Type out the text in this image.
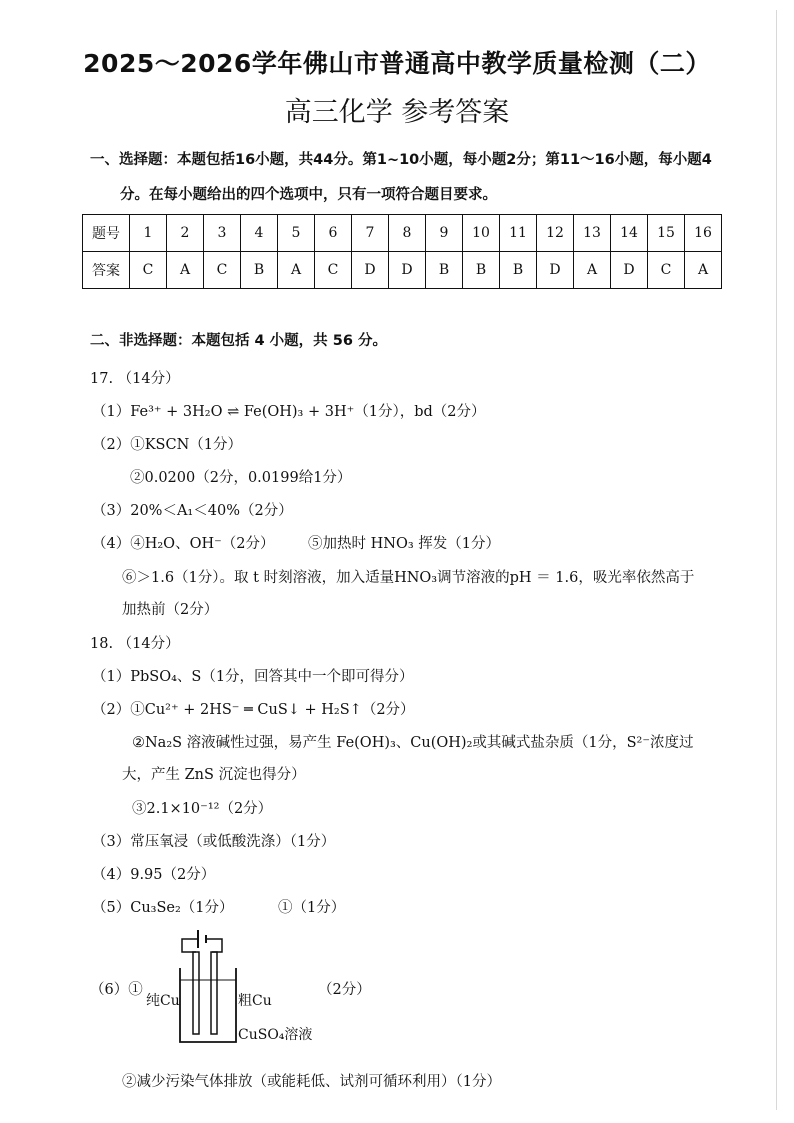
2025～2026学年佛山市普通高中教学质量检测（二）
高三化学 参考答案
一、选择题：本题包括16小题，共44分。第1~10小题，每小题2分；第11～16小题，每小题4
分。在每小题给出的四个选项中，只有一项符合题目要求。
题号	1	2	3	4	5	6	7	8	9	10	11	12	13	14	15	16
答案	C	A	C	B	A	C	D	D	B	B	B	D	A	D	C	A
二、非选择题：本题包括 4 小题，共 56 分。
17. （14分）
（1）Fe³⁺ + 3H₂O ⇌ Fe(OH)₃ + 3H⁺（1分），bd（2分）
（2）①KSCN（1分）
②0.0200（2分，0.0199给1分）
（3）20%＜A₁＜40%（2分）
（4）④H₂O、OH⁻（2分） ⑤加热时 HNO₃ 挥发（1分）
⑥＞1.6（1分）。取 t 时刻溶液，加入适量HNO₃调节溶液的pH ＝ 1.6，吸光率依然高于
加热前（2分）
18. （14分）
（1）PbSO₄、S（1分，回答其中一个即可得分）
（2）①Cu²⁺ + 2HS⁻ ═ CuS↓ + H₂S↑（2分）
②Na₂S 溶液碱性过强，易产生 Fe(OH)₃、Cu(OH)₂或其碱式盐杂质（1分，S²⁻浓度过
大，产生 ZnS 沉淀也得分）
③2.1×10⁻¹²（2分）
（3）常压氧浸（或低酸洗涤）（1分）
（4）9.95（2分）
（5）Cu₃Se₂（1分）	①（1分）
（6）①
纯Cu	粗Cu
CuSO₄溶液
（2分）
②减少污染气体排放（或能耗低、试剂可循环利用）（1分）
